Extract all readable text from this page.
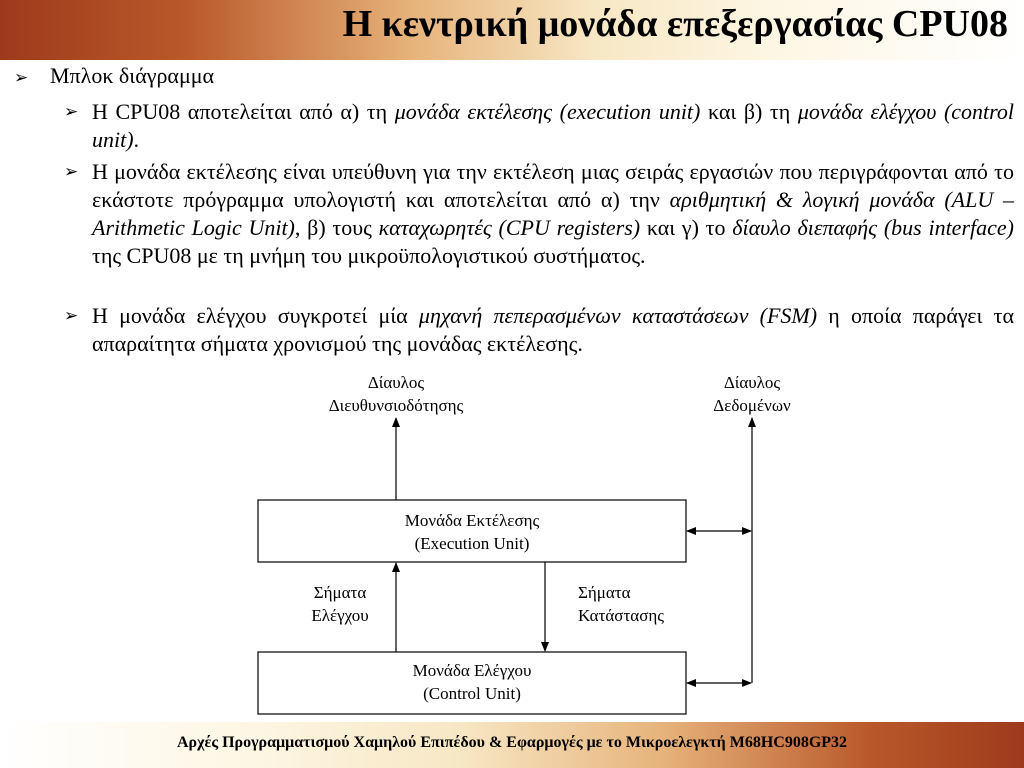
Η κεντρική μονάδα επεξεργασίας CPU08
➢ Μπλοκ διάγραμμα
➢ Η CPU08 αποτελείται από α) τη μονάδα εκτέλεσης (execution unit) και β) τη μονάδα ελέγχου (control unit).
➢ Η μονάδα εκτέλεσης είναι υπεύθυνη για την εκτέλεση μιας σειράς εργασιών που περιγράφονται από το εκάστοτε πρόγραμμα υπολογιστή και αποτελείται από α) την αριθμητική & λογική μονάδα (ALU – Arithmetic Logic Unit), β) τους καταχωρητές (CPU registers) και γ) το δίαυλο διεπαφής (bus interface) της CPU08 με τη μνήμη του μικροϋπολογιστικού συστήματος.
➢ Η μονάδα ελέγχου συγκροτεί μία μηχανή πεπερασμένων καταστάσεων (FSM) η οποία παράγει τα απαραίτητα σήματα χρονισμού της μονάδας εκτέλεσης.
Δίαυλος
Διευθυνσιοδότησης
Δίαυλος
Δεδομένων
Μονάδα Εκτέλεσης
(Execution Unit)
Μονάδα Ελέγχου
(Control Unit)
Σήματα
Ελέγχου
Σήματα
Κατάστασης
Αρχές Προγραμματισμού Χαμηλού Επιπέδου & Εφαρμογές με το Μικροελεγκτή M68HC908GP32
